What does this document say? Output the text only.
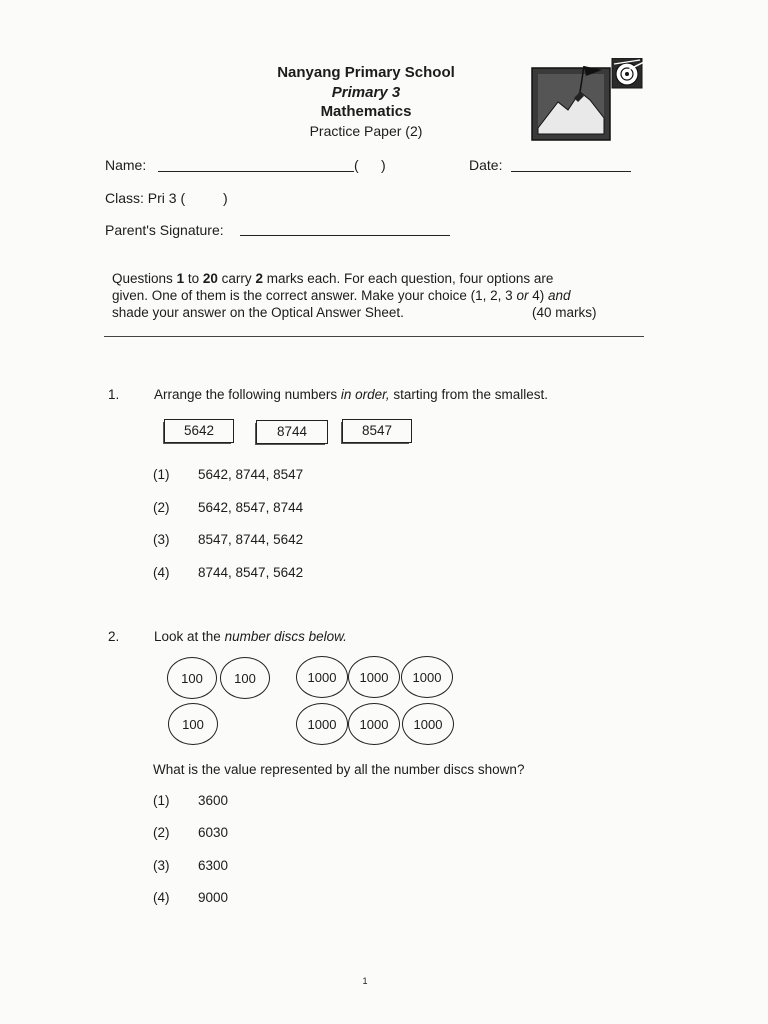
Nanyang Primary School
Primary 3
Mathematics
Practice Paper (2)
Name:	( )	Date:
Class: Pri 3 (	)
Parent's Signature:
Questions 1 to 20 carry 2 marks each. For each question, four options are
given. One of them is the correct answer. Make your choice (1, 2, 3 or 4) and
shade your answer on the Optical Answer Sheet.	(40 marks)
1.	Arrange the following numbers in order, starting from the smallest.
5642	8744	8547
(1) 5642, 8744, 8547
(2) 5642, 8547, 8744
(3) 8547, 8744, 5642
(4) 8744, 8547, 5642
2.	Look at the number discs below.
100	100
100
1000	1000	1000
1000	1000	1000
What is the value represented by all the number discs shown?
(1) 3600
(2) 6030
(3) 6300
(4) 9000
1
